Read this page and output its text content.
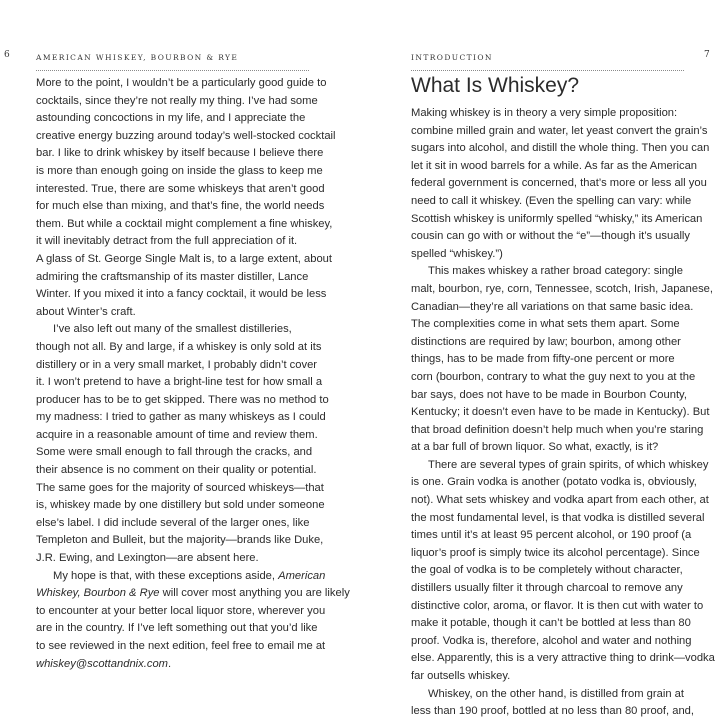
6	AMERICAN WHISKEY, BOURBON & RYE
More to the point, I wouldn’t be a particularly good guide to
cocktails, since they’re not really my thing. I’ve had some
astounding concoctions in my life, and I appreciate the
creative energy buzzing around today’s well-stocked cocktail
bar. I like to drink whiskey by itself because I believe there
is more than enough going on inside the glass to keep me
interested. True, there are some whiskeys that aren’t good
for much else than mixing, and that’s fine, the world needs
them. But while a cocktail might complement a fine whiskey,
it will inevitably detract from the full appreciation of it.
A glass of St. George Single Malt is, to a large extent, about
admiring the craftsmanship of its master distiller, Lance
Winter. If you mixed it into a fancy cocktail, it would be less
about Winter’s craft.
I’ve also left out many of the smallest distilleries,
though not all. By and large, if a whiskey is only sold at its
distillery or in a very small market, I probably didn’t cover
it. I won’t pretend to have a bright-line test for how small a
producer has to be to get skipped. There was no method to
my madness: I tried to gather as many whiskeys as I could
acquire in a reasonable amount of time and review them.
Some were small enough to fall through the cracks, and
their absence is no comment on their quality or potential.
The same goes for the majority of sourced whiskeys—that
is, whiskey made by one distillery but sold under someone
else’s label. I did include several of the larger ones, like
Templeton and Bulleit, but the majority—brands like Duke,
J.R. Ewing, and Lexington—are absent here.
My hope is that, with these exceptions aside, American
Whiskey, Bourbon & Rye will cover most anything you are likely
to encounter at your better local liquor store, wherever you
are in the country. If I’ve left something out that you’d like
to see reviewed in the next edition, feel free to email me at
whiskey@scottandnix.com.
7
INTRODUCTION
What Is Whiskey?
Making whiskey is in theory a very simple proposition:
combine milled grain and water, let yeast convert the grain’s
sugars into alcohol, and distill the whole thing. Then you can
let it sit in wood barrels for a while. As far as the American
federal government is concerned, that’s more or less all you
need to call it whiskey. (Even the spelling can vary: while
Scottish whiskey is uniformly spelled “whisky,” its American
cousin can go with or without the “e”—though it’s usually
spelled “whiskey.”)
This makes whiskey a rather broad category: single
malt, bourbon, rye, corn, Tennessee, scotch, Irish, Japanese,
Canadian—they’re all variations on that same basic idea.
The complexities come in what sets them apart. Some
distinctions are required by law; bourbon, among other
things, has to be made from fifty-one percent or more
corn (bourbon, contrary to what the guy next to you at the
bar says, does not have to be made in Bourbon County,
Kentucky; it doesn’t even have to be made in Kentucky). But
that broad definition doesn’t help much when you’re staring
at a bar full of brown liquor. So what, exactly, is it?
There are several types of grain spirits, of which whiskey
is one. Grain vodka is another (potato vodka is, obviously,
not). What sets whiskey and vodka apart from each other, at
the most fundamental level, is that vodka is distilled several
times until it’s at least 95 percent alcohol, or 190 proof (a
liquor’s proof is simply twice its alcohol percentage). Since
the goal of vodka is to be completely without character,
distillers usually filter it through charcoal to remove any
distinctive color, aroma, or flavor. It is then cut with water to
make it potable, though it can’t be bottled at less than 80
proof. Vodka is, therefore, alcohol and water and nothing
else. Apparently, this is a very attractive thing to drink—vodka
far outsells whiskey.
Whiskey, on the other hand, is distilled from grain at
less than 190 proof, bottled at no less than 80 proof, and,
